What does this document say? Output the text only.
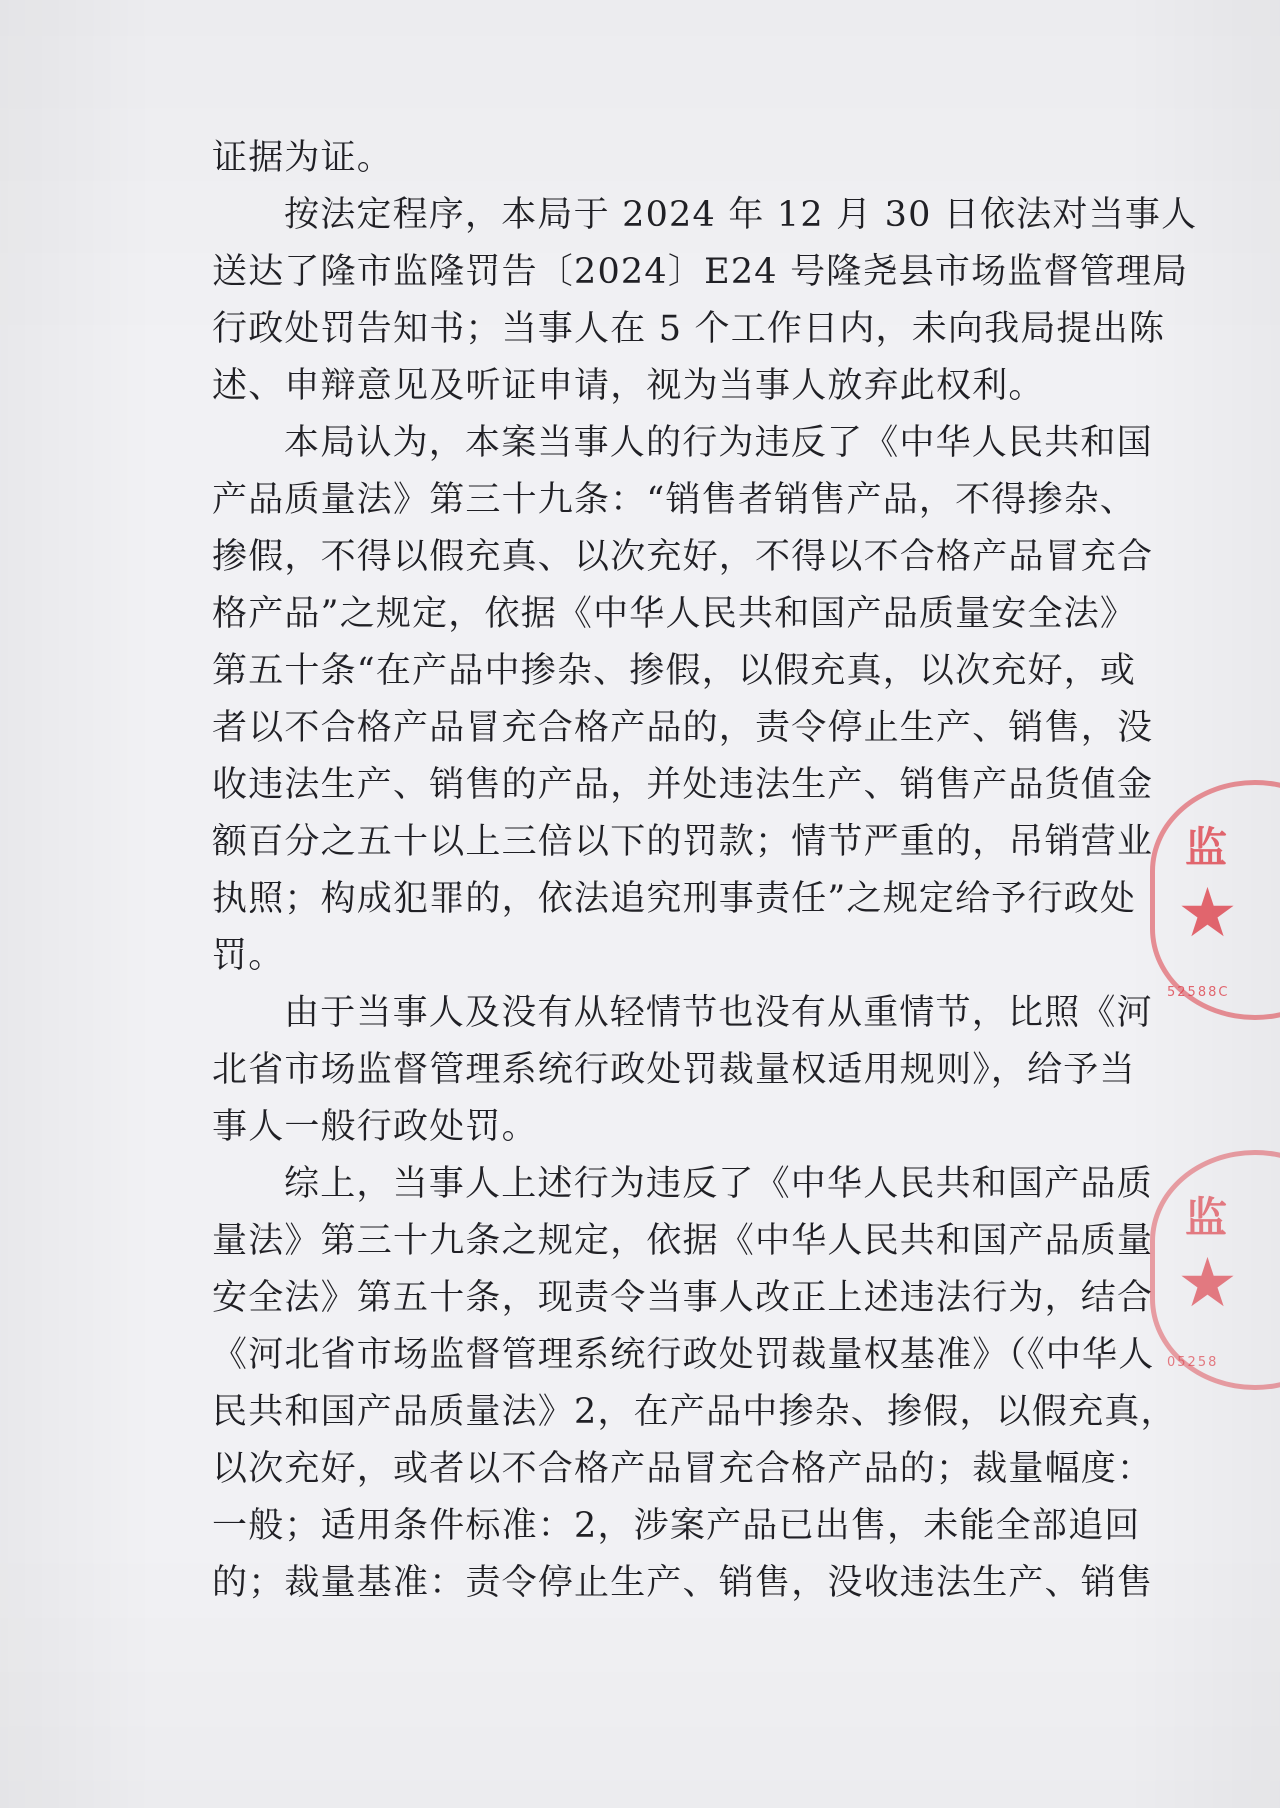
证据为证。
按法定程序，本局于 2024 年 12 月 30 日依法对当事人
送达了隆市监隆罚告〔2024〕E24 号隆尧县市场监督管理局
行政处罚告知书；当事人在 5 个工作日内，未向我局提出陈
述、申辩意见及听证申请，视为当事人放弃此权利。
本局认为，本案当事人的行为违反了《中华人民共和国
产品质量法》第三十九条：“销售者销售产品，不得掺杂、
掺假，不得以假充真、以次充好，不得以不合格产品冒充合
格产品”之规定，依据《中华人民共和国产品质量安全法》
第五十条“在产品中掺杂、掺假，以假充真，以次充好，或
者以不合格产品冒充合格产品的，责令停止生产、销售，没
收违法生产、销售的产品，并处违法生产、销售产品货值金
额百分之五十以上三倍以下的罚款；情节严重的，吊销营业
执照；构成犯罪的，依法追究刑事责任”之规定给予行政处
罚。
由于当事人及没有从轻情节也没有从重情节，比照《河
北省市场监督管理系统行政处罚裁量权适用规则》，给予当
事人一般行政处罚。
综上，当事人上述行为违反了《中华人民共和国产品质
量法》第三十九条之规定，依据《中华人民共和国产品质量
安全法》第五十条，现责令当事人改正上述违法行为，结合
《河北省市场监督管理系统行政处罚裁量权基准》（《中华人
民共和国产品质量法》2，在产品中掺杂、掺假，以假充真，
以次充好，或者以不合格产品冒充合格产品的；裁量幅度：
一般；适用条件标准：2，涉案产品已出售，未能全部追回
的；裁量基准：责令停止生产、销售，没收违法生产、销售
监
★
52588C
监
★
05258
